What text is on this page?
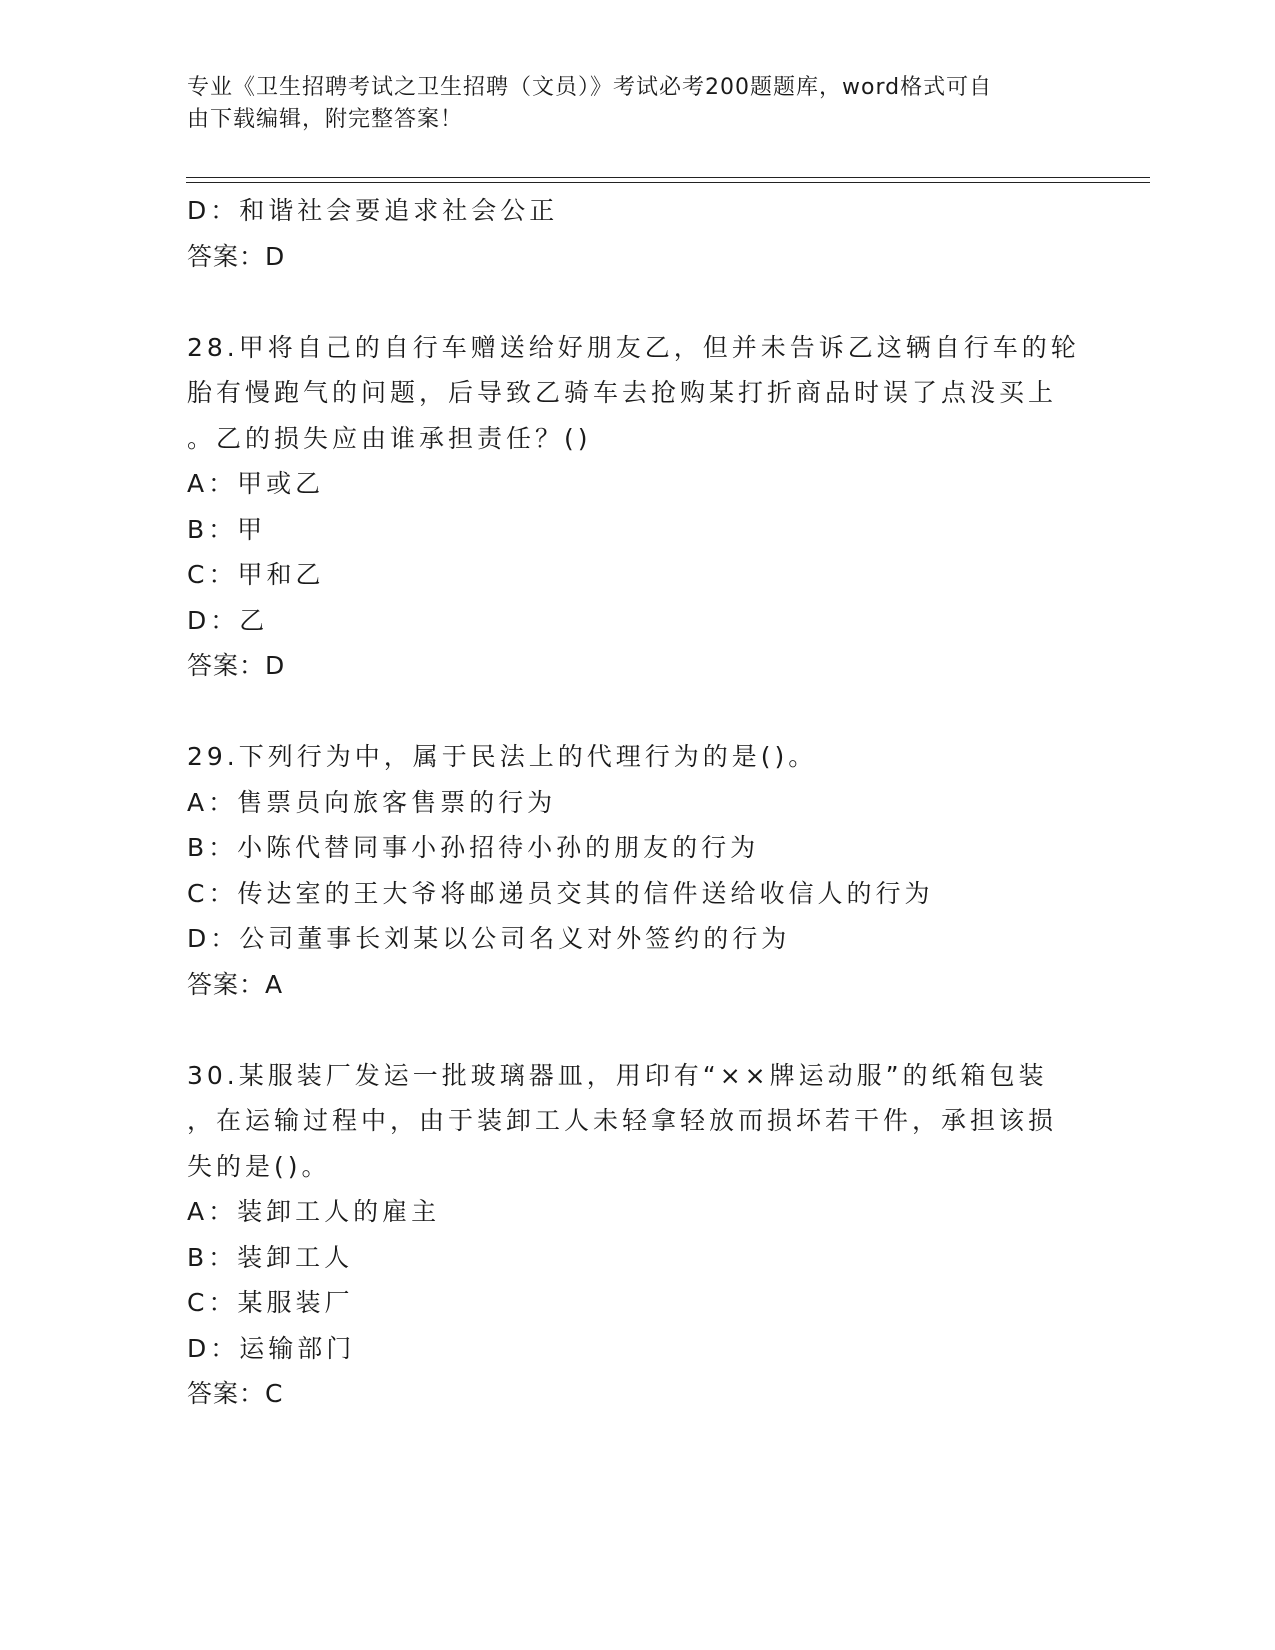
专业《卫生招聘考试之卫生招聘（文员）》考试必考200题题库，word格式可自
由下载编辑，附完整答案！
D：和谐社会要追求社会公正
答案：D
28.甲将自己的自行车赠送给好朋友乙，但并未告诉乙这辆自行车的轮
胎有慢跑气的问题，后导致乙骑车去抢购某打折商品时误了点没买上
。乙的损失应由谁承担责任？()
A：甲或乙
B：甲
C：甲和乙
D：乙
答案：D
29.下列行为中，属于民法上的代理行为的是()。
A：售票员向旅客售票的行为
B：小陈代替同事小孙招待小孙的朋友的行为
C：传达室的王大爷将邮递员交其的信件送给收信人的行为
D：公司董事长刘某以公司名义对外签约的行为
答案：A
30.某服装厂发运一批玻璃器皿，用印有“××牌运动服”的纸箱包装
，在运输过程中，由于装卸工人未轻拿轻放而损坏若干件，承担该损
失的是()。
A：装卸工人的雇主
B：装卸工人
C：某服装厂
D：运输部门
答案：C
